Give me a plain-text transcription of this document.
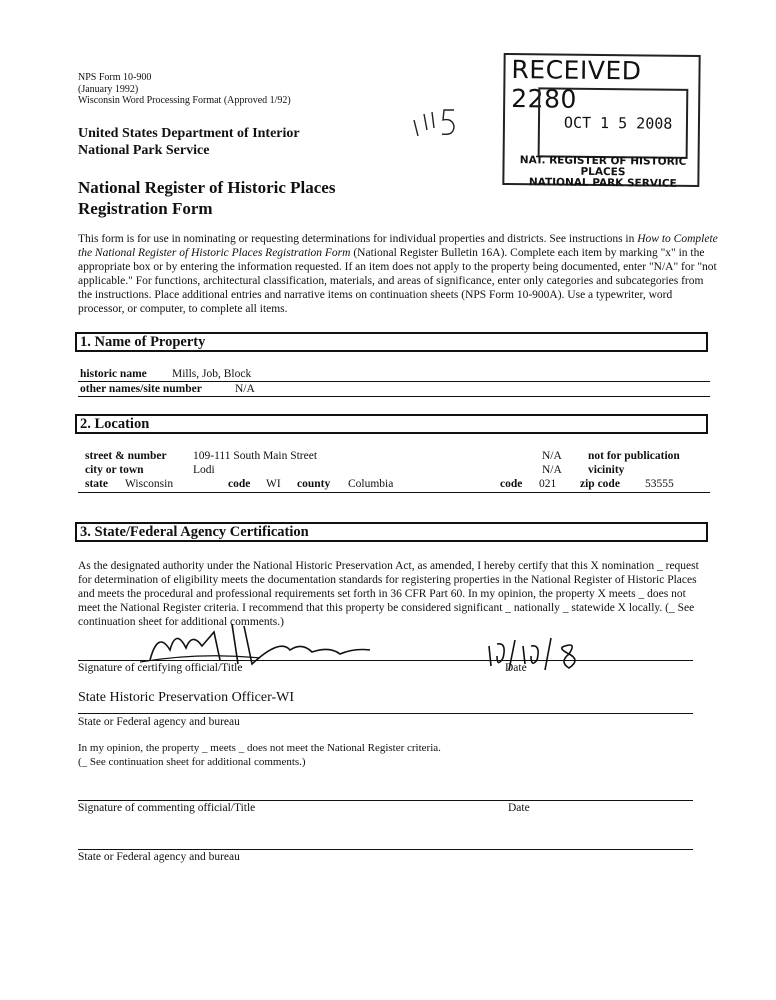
NPS Form 10-900
(January 1992)
Wisconsin Word Processing Format (Approved 1/92)
United States Department of Interior
National Park Service
National Register of Historic Places
Registration Form
RECEIVED 2280
OCT 1 5 2008
NAT. REGISTER OF HISTORIC PLACES
NATIONAL PARK SERVICE
This form is for use in nominating or requesting determinations for individual properties and districts. See instructions in How to Complete the National Register of Historic Places Registration Form (National Register Bulletin 16A). Complete each item by marking "x" in the appropriate box or by entering the information requested. If an item does not apply to the property being documented, enter "N/A" for "not applicable." For functions, architectural classification, materials, and areas of significance, enter only categories and subcategories from the instructions. Place additional entries and narrative items on continuation sheets (NPS Form 10-900A). Use a typewriter, word processor, or computer, to complete all items.
1. Name of Property
historic name Mills, Job, Block
other names/site number	N/A
2. Location
street & number 109-111 South Main Street	N/A not for publication
city or town	Lodi	N/A vicinity
state Wisconsin	code WI county Columbia	code 021 zip code 53555
3. State/Federal Agency Certification
As the designated authority under the National Historic Preservation Act, as amended, I hereby certify that this X nomination _ request for determination of eligibility meets the documentation standards for registering properties in the National Register of Historic Places and meets the procedural and professional requirements set forth in 36 CFR Part 60. In my opinion, the property X meets _ does not meet the National Register criteria. I recommend that this property be considered significant _ nationally _ statewide X locally. (_ See continuation sheet for additional comments.)
Signature of certifying official/Title	Date
State Historic Preservation Officer-WI
State or Federal agency and bureau
In my opinion, the property _ meets _ does not meet the National Register criteria.
(_ See continuation sheet for additional comments.)
Signature of commenting official/Title	Date
State or Federal agency and bureau
